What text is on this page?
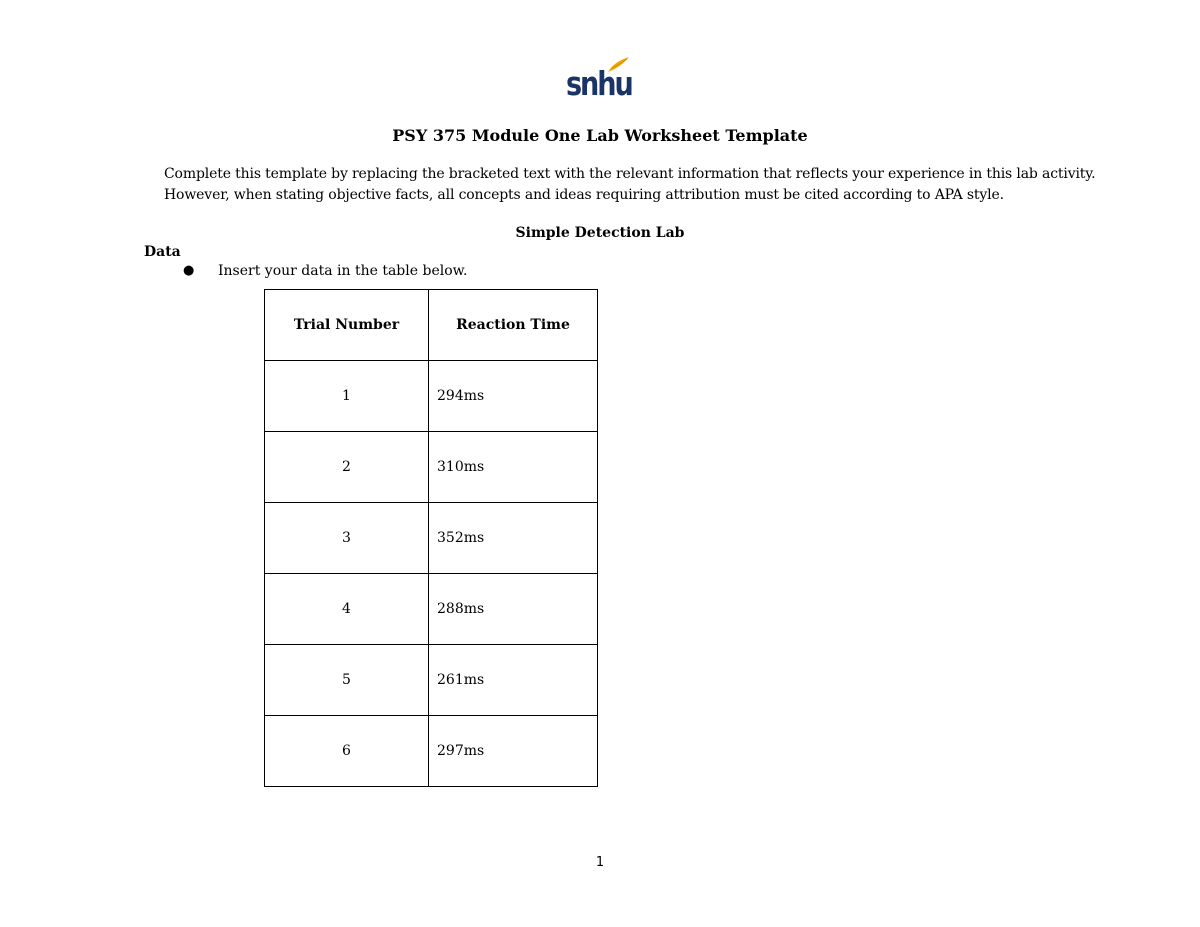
snhu
PSY 375 Module One Lab Worksheet Template

Complete this template by replacing the bracketed text with the relevant information that reflects your experience in this lab activity.

However, when stating objective facts, all concepts and ideas requiring attribution must be cited according to APA style.

Simple Detection Lab
Data
● Insert your data in the table below.
Trial Number	Reaction Time
1	294ms
2	310ms
3	352ms
4	288ms
5	261ms
6	297ms
1
